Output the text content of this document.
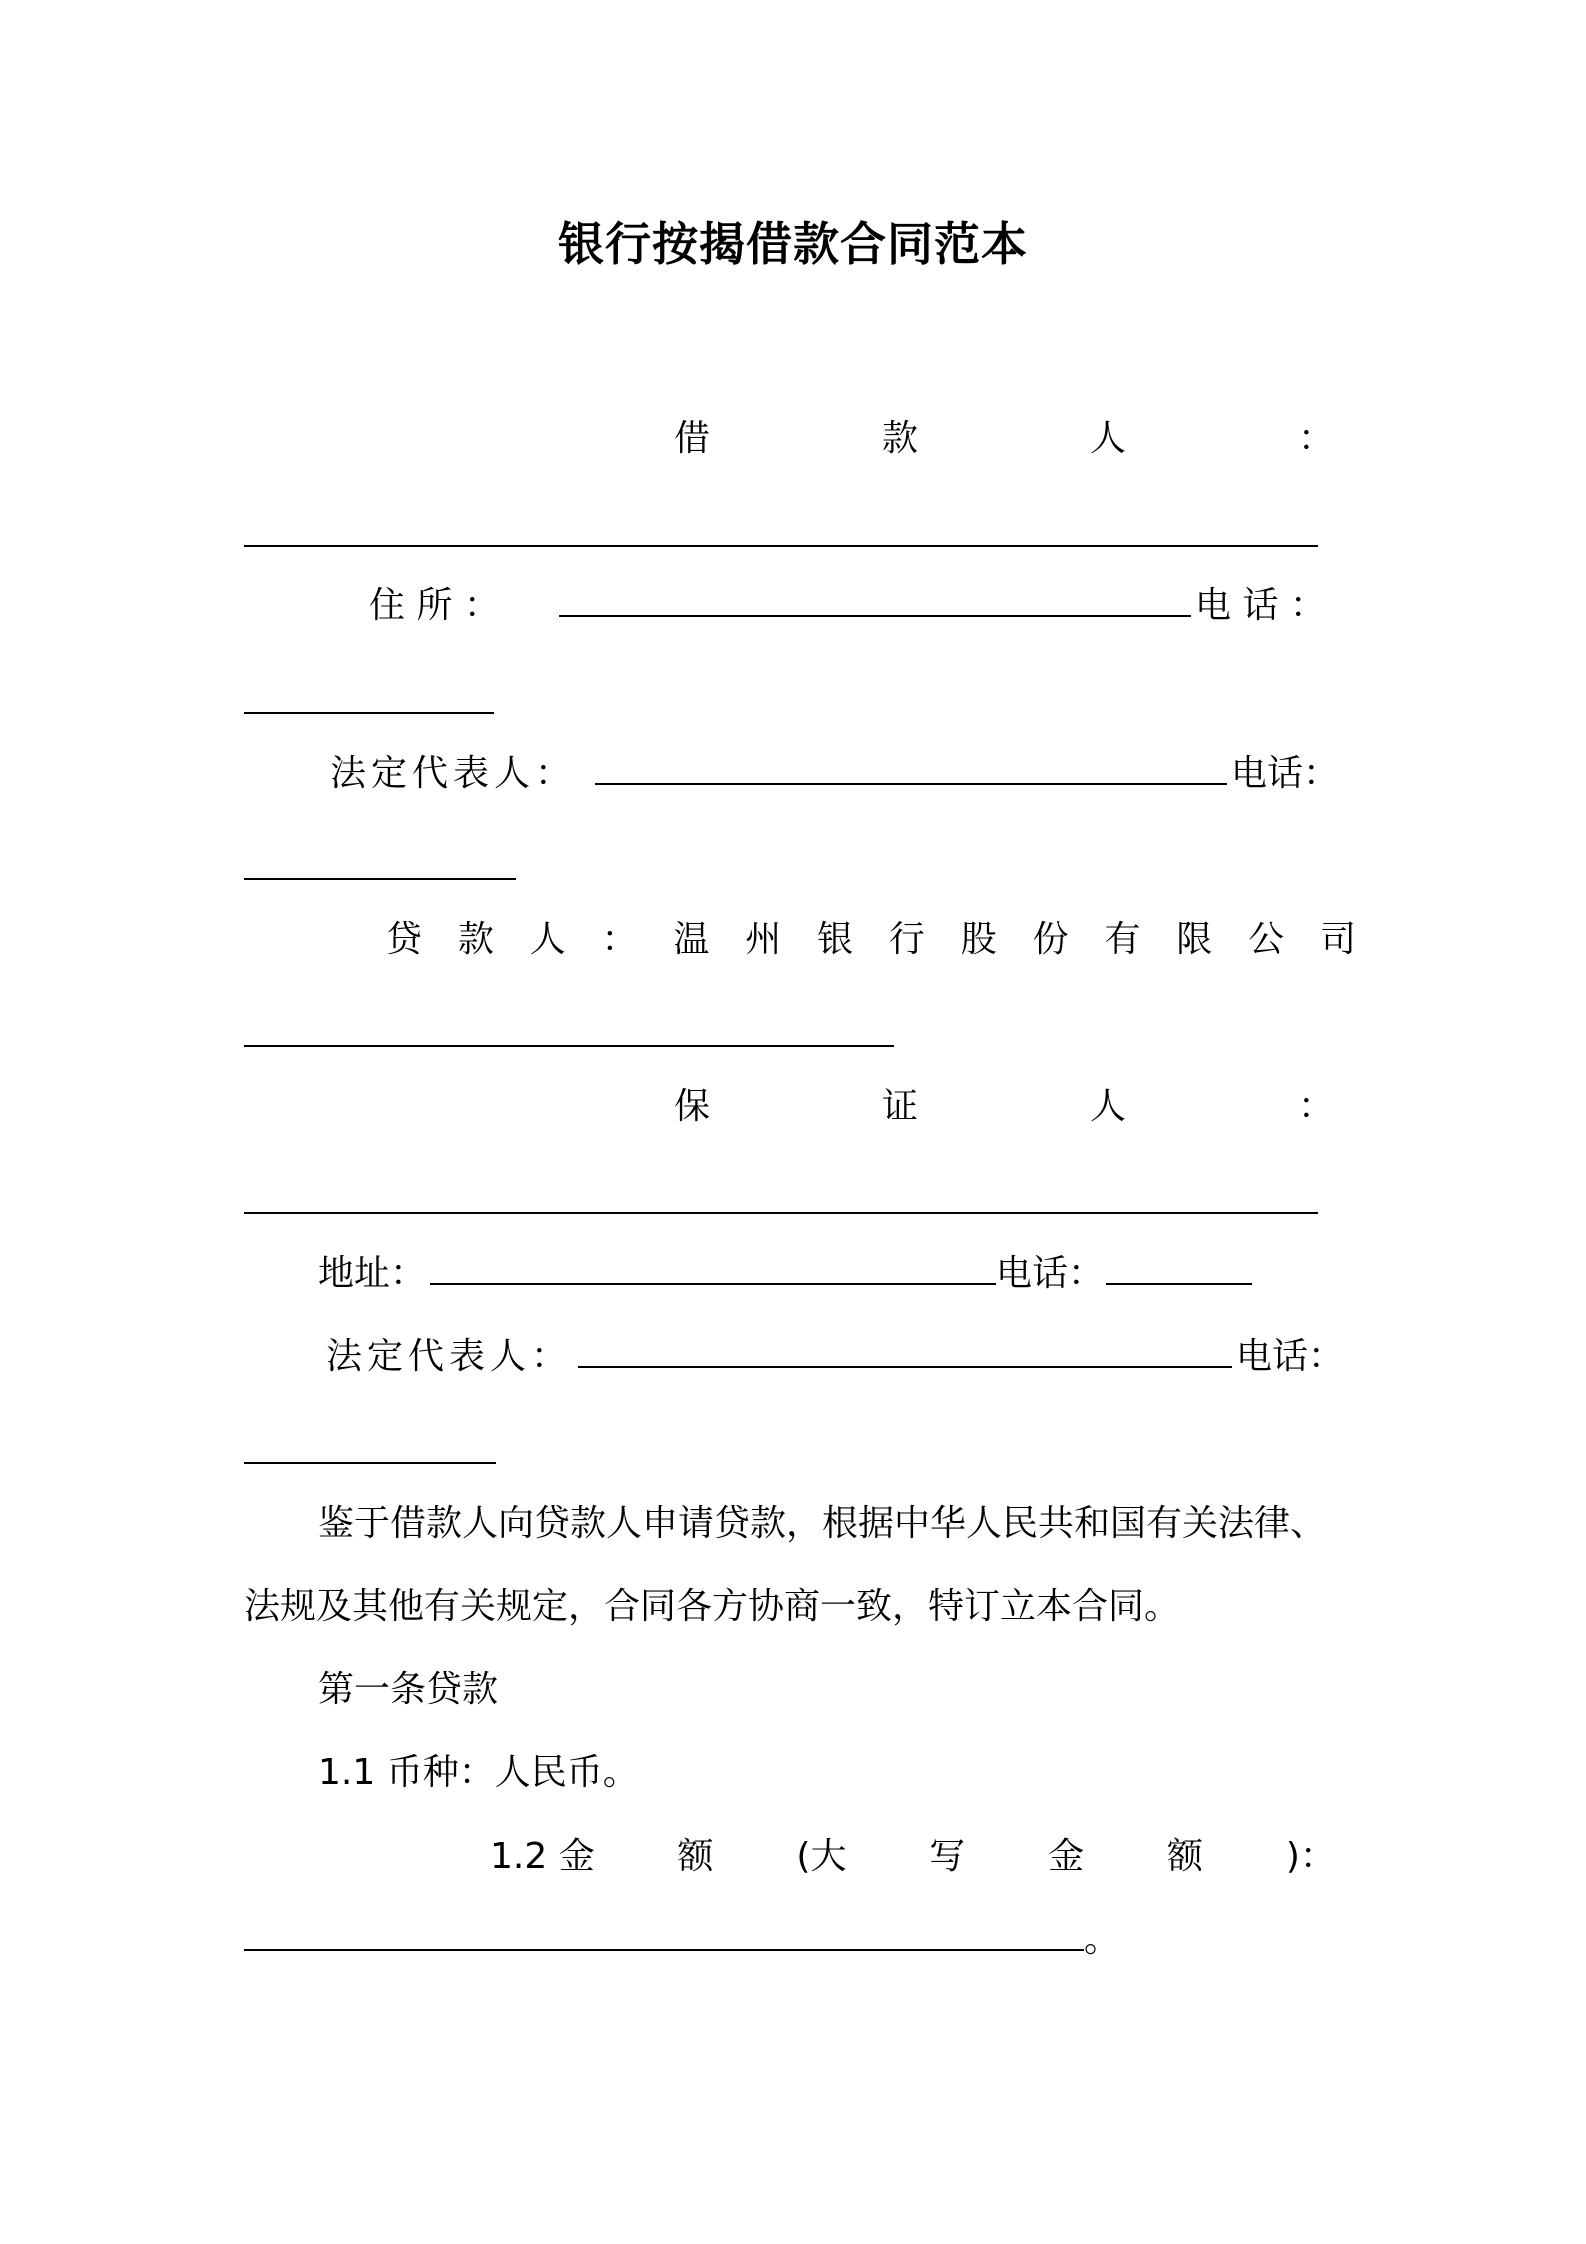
银行按揭借款合同范本
借	款	人	：
住 所 ：	电 话 ：
法定代表人：	电话：
贷 款 人 ： 温 州 银 行 股 份 有 限 公 司
保	证	人	：
地址：	电话：
法定代表人：	电话：
鉴于借款人向贷款人申请贷款，根据中华人民共和国有关法律、
法规及其他有关规定，合同各方协商一致，特订立本合同。
第一条贷款
1.1 币种：人民币。
1.2 金 额 (大 写 金 额 )：
。
